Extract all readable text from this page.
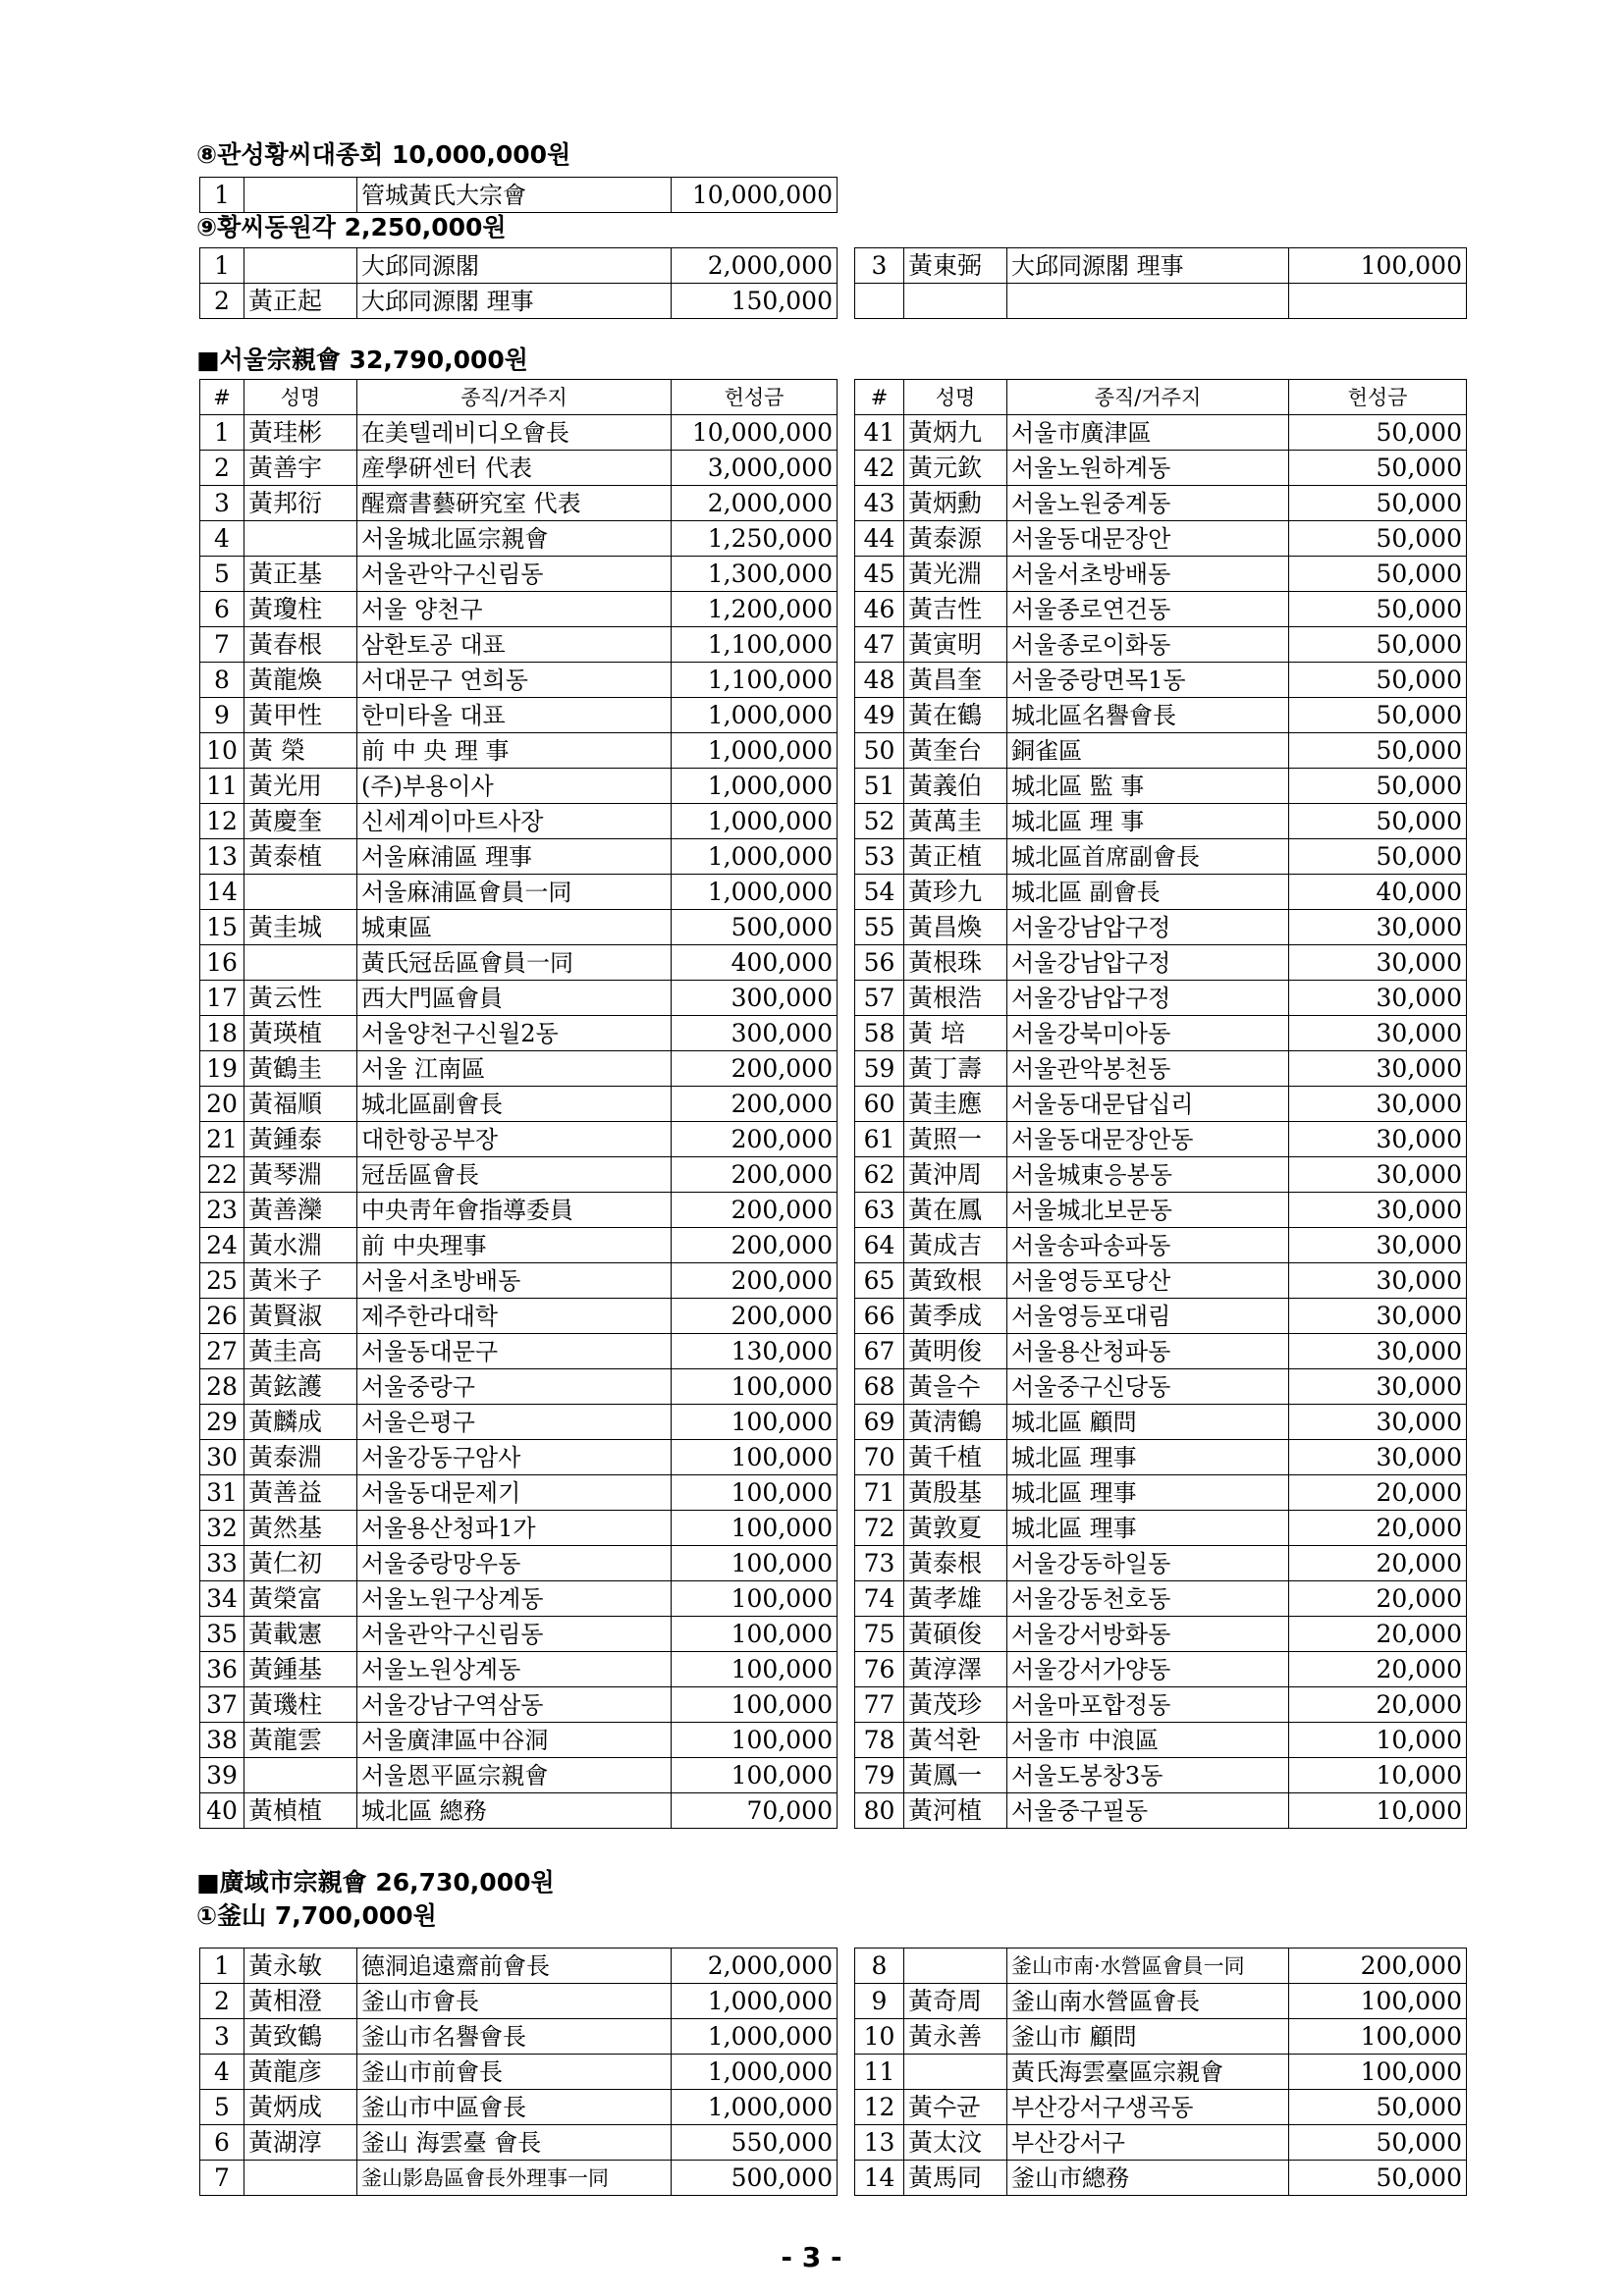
⑧관성황씨대종회 10,000,000원
1		管城黃氏大宗會	10,000,000
⑨황씨동원각 2,250,000원
1		大邱同源閣	2,000,000		3	黃東弼	大邱同源閣 理事	100,000
2	黃正起	大邱同源閣 理事	150,000					
■서울宗親會 32,790,000원
#	성명	종직/거주지	헌성금		#	성명	종직/거주지	헌성금
1	黃珪彬	在美텔레비디오會長	10,000,000		41	黃炳九	서울市廣津區	50,000
2	黃善宇	産學硏센터 代表	3,000,000		42	黃元欽	서울노원하계동	50,000
3	黃邦衍	醒齋書藝硏究室 代表	2,000,000		43	黃炳勳	서울노원중계동	50,000
4		서울城北區宗親會	1,250,000		44	黃泰源	서울동대문장안	50,000
5	黃正基	서울관악구신림동	1,300,000		45	黃光淵	서울서초방배동	50,000
6	黃瓊柱	서울 양천구	1,200,000		46	黃吉性	서울종로연건동	50,000
7	黃春根	삼환토공 대표	1,100,000		47	黃寅明	서울종로이화동	50,000
8	黃龍煥	서대문구 연희동	1,100,000		48	黃昌奎	서울중랑면목1동	50,000
9	黃甲性	한미타올 대표	1,000,000		49	黃在鶴	城北區名譽會長	50,000
10	黃 榮	前 中 央 理 事	1,000,000		50	黃奎台	銅雀區	50,000
11	黃光用	(주)부용이사	1,000,000		51	黃義伯	城北區 監 事	50,000
12	黃慶奎	신세계이마트사장	1,000,000		52	黃萬圭	城北區 理 事	50,000
13	黃泰植	서울麻浦區 理事	1,000,000		53	黃正植	城北區首席副會長	50,000
14		서울麻浦區會員一同	1,000,000		54	黃珍九	城北區 副會長	40,000
15	黃圭城	城東區	500,000		55	黃昌煥	서울강남압구정	30,000
16		黃氏冠岳區會員一同	400,000		56	黃根珠	서울강남압구정	30,000
17	黃云性	西大門區會員	300,000		57	黃根浩	서울강남압구정	30,000
18	黃瑛植	서울양천구신월2동	300,000		58	黃 培	서울강북미아동	30,000
19	黃鶴圭	서울 江南區	200,000		59	黃丁壽	서울관악봉천동	30,000
20	黃福順	城北區副會長	200,000		60	黃圭應	서울동대문답십리	30,000
21	黃鍾泰	대한항공부장	200,000		61	黃照一	서울동대문장안동	30,000
22	黃琴淵	冠岳區會長	200,000		62	黃沖周	서울城東응봉동	30,000
23	黃善灤	中央靑年會指導委員	200,000		63	黃在鳳	서울城北보문동	30,000
24	黃水淵	前 中央理事	200,000		64	黃成吉	서울송파송파동	30,000
25	黃米子	서울서초방배동	200,000		65	黃致根	서울영등포당산	30,000
26	黃賢淑	제주한라대학	200,000		66	黃季成	서울영등포대림	30,000
27	黃圭高	서울동대문구	130,000		67	黃明俊	서울용산청파동	30,000
28	黃鉉護	서울중랑구	100,000		68	黃을수	서울중구신당동	30,000
29	黃麟成	서울은평구	100,000		69	黃淸鶴	城北區 顧問	30,000
30	黃泰淵	서울강동구암사	100,000		70	黃千植	城北區 理事	30,000
31	黃善益	서울동대문제기	100,000		71	黃殷基	城北區 理事	20,000
32	黃然基	서울용산청파1가	100,000		72	黃敦夏	城北區 理事	20,000
33	黃仁初	서울중랑망우동	100,000		73	黃泰根	서울강동하일동	20,000
34	黃榮富	서울노원구상계동	100,000		74	黃孝雄	서울강동천호동	20,000
35	黃載憲	서울관악구신림동	100,000		75	黃碩俊	서울강서방화동	20,000
36	黃鍾基	서울노원상계동	100,000		76	黃淳澤	서울강서가양동	20,000
37	黃璣柱	서울강남구역삼동	100,000		77	黃茂珍	서울마포합정동	20,000
38	黃龍雲	서울廣津區中谷洞	100,000		78	黃석환	서울市 中浪區	10,000
39		서울恩平區宗親會	100,000		79	黃鳳一	서울도봉창3동	10,000
40	黃楨植	城北區 總務	70,000		80	黃河植	서울중구필동	10,000
■廣域市宗親會 26,730,000원
①釜山 7,700,000원
1	黃永敏	德洞追遠齋前會長	2,000,000		8		釜山市南·水營區會員一同	200,000
2	黃相澄	釜山市會長	1,000,000		9	黃奇周	釜山南水營區會長	100,000
3	黃致鶴	釜山市名譽會長	1,000,000		10	黃永善	釜山市 顧問	100,000
4	黃龍彦	釜山市前會長	1,000,000		11		黃氏海雲臺區宗親會	100,000
5	黃炳成	釜山市中區會長	1,000,000		12	黃수균	부산강서구생곡동	50,000
6	黃湖淳	釜山 海雲臺 會長	550,000		13	黃太汶	부산강서구	50,000
7		釜山影島區會長外理事一同	500,000		14	黃馬同	釜山市總務	50,000
- 3 -
